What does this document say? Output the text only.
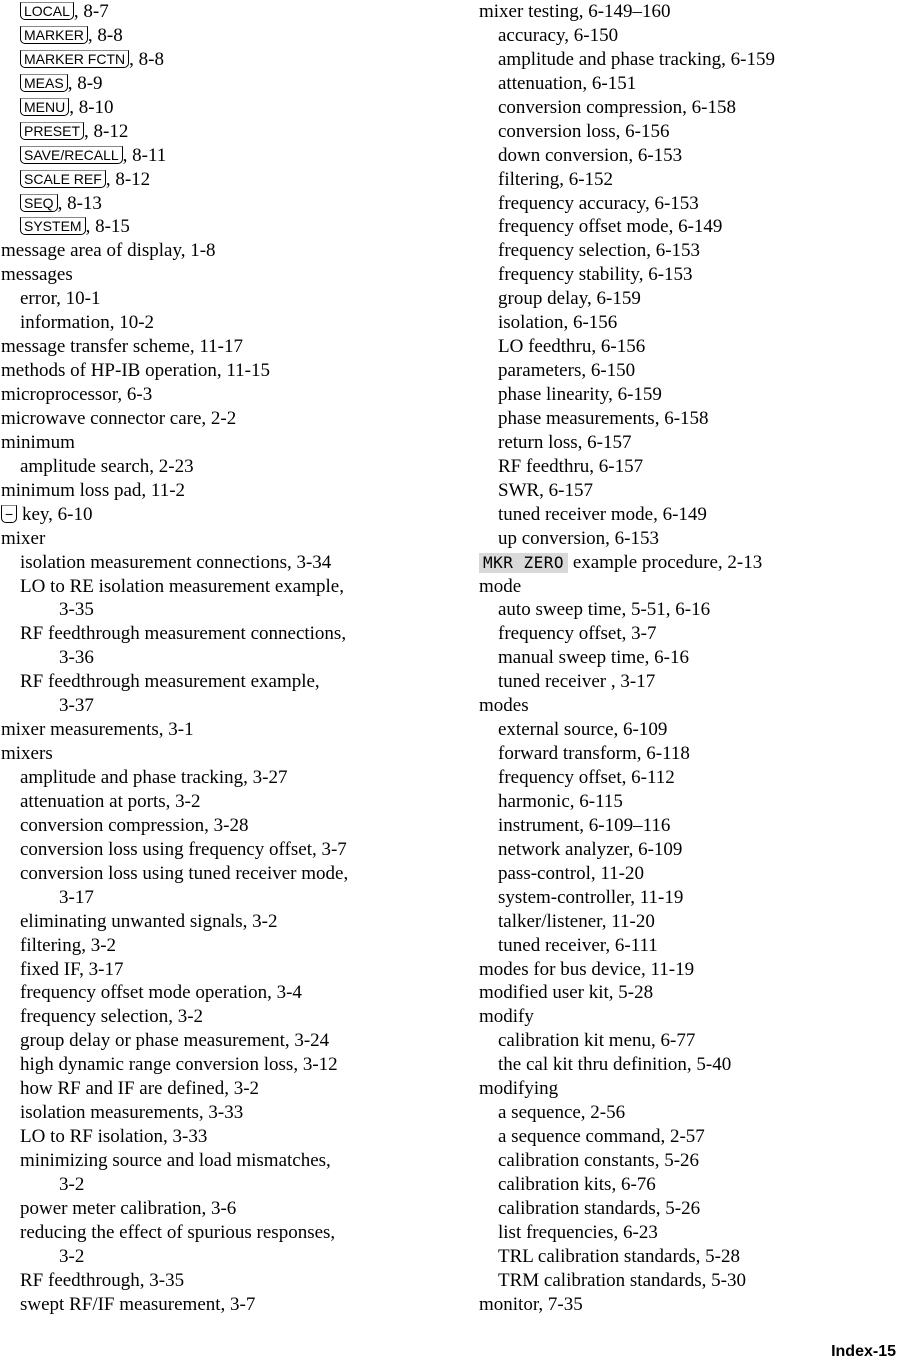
LOCAL , 8-7
MARKER , 8-8
MARKER FCTN , 8-8
MEAS , 8-9
MENU , 8-10
PRESET , 8-12
SAVE/RECALL , 8-11
SCALE REF , 8-12
SEQ , 8-13
SYSTEM , 8-15
message area of display, 1-8
messages
error, 10-1
information, 10-2
message transfer scheme, 11-17
methods of HP-IB operation, 11-15
microprocessor, 6-3
microwave connector care, 2-2
minimum
amplitude search, 2-23
minimum loss pad, 11-2
− key, 6-10
mixer
isolation measurement connections, 3-34
LO to RE isolation measurement example,
3-35
RF feedthrough measurement connections,
3-36
RF feedthrough measurement example,
3-37
mixer measurements, 3-1
mixers
amplitude and phase tracking, 3-27
attenuation at ports, 3-2
conversion compression, 3-28
conversion loss using frequency offset, 3-7
conversion loss using tuned receiver mode,
3-17
eliminating unwanted signals, 3-2
filtering, 3-2
fixed IF, 3-17
frequency offset mode operation, 3-4
frequency selection, 3-2
group delay or phase measurement, 3-24
high dynamic range conversion loss, 3-12
how RF and IF are defined, 3-2
isolation measurements, 3-33
LO to RF isolation, 3-33
minimizing source and load mismatches,
3-2
power meter calibration, 3-6
reducing the effect of spurious responses,
3-2
RF feedthrough, 3-35
swept RF/IF measurement, 3-7
mixer testing, 6-149–160
accuracy, 6-150
amplitude and phase tracking, 6-159
attenuation, 6-151
conversion compression, 6-158
conversion loss, 6-156
down conversion, 6-153
filtering, 6-152
frequency accuracy, 6-153
frequency offset mode, 6-149
frequency selection, 6-153
frequency stability, 6-153
group delay, 6-159
isolation, 6-156
LO feedthru, 6-156
parameters, 6-150
phase linearity, 6-159
phase measurements, 6-158
return loss, 6-157
RF feedthru, 6-157
SWR, 6-157
tuned receiver mode, 6-149
up conversion, 6-153
MKR ZERO example procedure, 2-13
mode
auto sweep time, 5-51, 6-16
frequency offset, 3-7
manual sweep time, 6-16
tuned receiver , 3-17
modes
external source, 6-109
forward transform, 6-118
frequency offset, 6-112
harmonic, 6-115
instrument, 6-109–116
network analyzer, 6-109
pass-control, 11-20
system-controller, 11-19
talker/listener, 11-20
tuned receiver, 6-111
modes for bus device, 11-19
modified user kit, 5-28
modify
calibration kit menu, 6-77
the cal kit thru definition, 5-40
modifying
a sequence, 2-56
a sequence command, 2-57
calibration constants, 5-26
calibration kits, 6-76
calibration standards, 5-26
list frequencies, 6-23
TRL calibration standards, 5-28
TRM calibration standards, 5-30
monitor, 7-35
Index-15
